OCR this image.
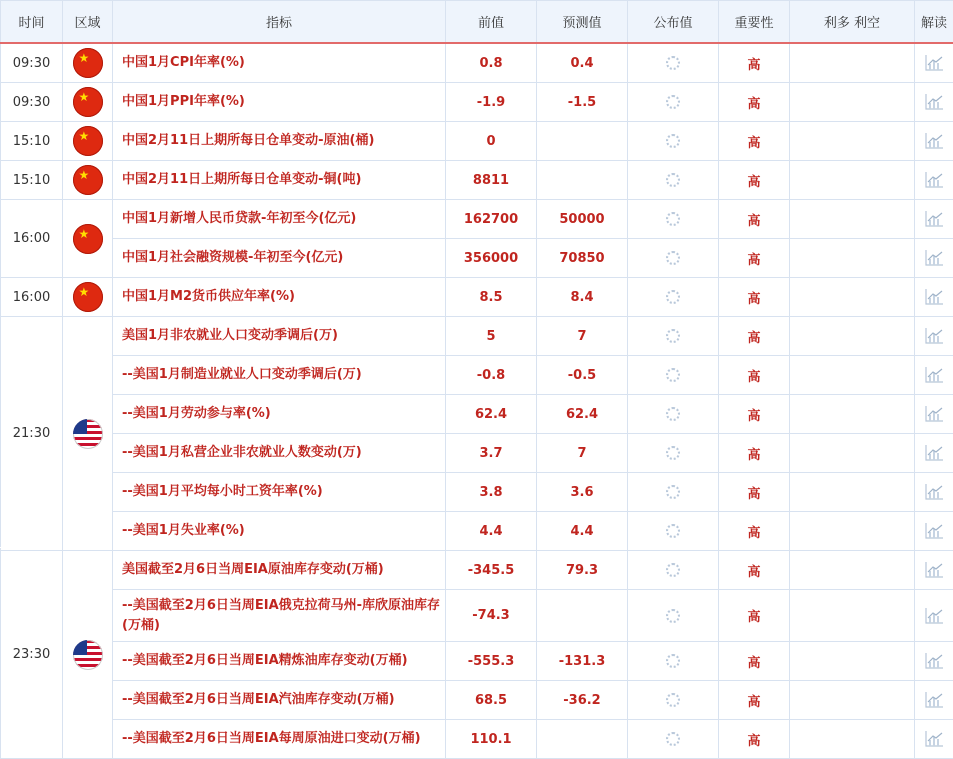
时间	区域	指标	前值	预测值	公布值	重要性	利多 利空	解读
09:30	★	中国1月CPI年率(%)	0.8	0.4		高		
09:30	★	中国1月PPI年率(%)	-1.9	-1.5		高		
15:10	★	中国2月11日上期所每日仓单变动-原油(桶)	0			高		
15:10	★	中国2月11日上期所每日仓单变动-铜(吨)	8811			高		
16:00	★	中国1月新增人民币贷款-年初至今(亿元)	162700	50000		高		
		中国1月社会融资规模-年初至今(亿元)	356000	70850		高		
16:00	★	中国1月M2货币供应年率(%)	8.5	8.4		高		
21:30		美国1月非农就业人口变动季调后(万)	5	7		高		
		--美国1月制造业就业人口变动季调后(万)	-0.8	-0.5		高		
		--美国1月劳动参与率(%)	62.4	62.4		高		
		--美国1月私营企业非农就业人数变动(万)	3.7	7		高		
		--美国1月平均每小时工资年率(%)	3.8	3.6		高		
		--美国1月失业率(%)	4.4	4.4		高		
23:30		美国截至2月6日当周EIA原油库存变动(万桶)	-345.5	79.3		高		
		--美国截至2月6日当周EIA俄克拉荷马州-库欣原油库存(万桶)	-74.3			高		
		--美国截至2月6日当周EIA精炼油库存变动(万桶)	-555.3	-131.3		高		
		--美国截至2月6日当周EIA汽油库存变动(万桶)	68.5	-36.2		高		
		--美国截至2月6日当周EIA每周原油进口变动(万桶)	110.1			高		
